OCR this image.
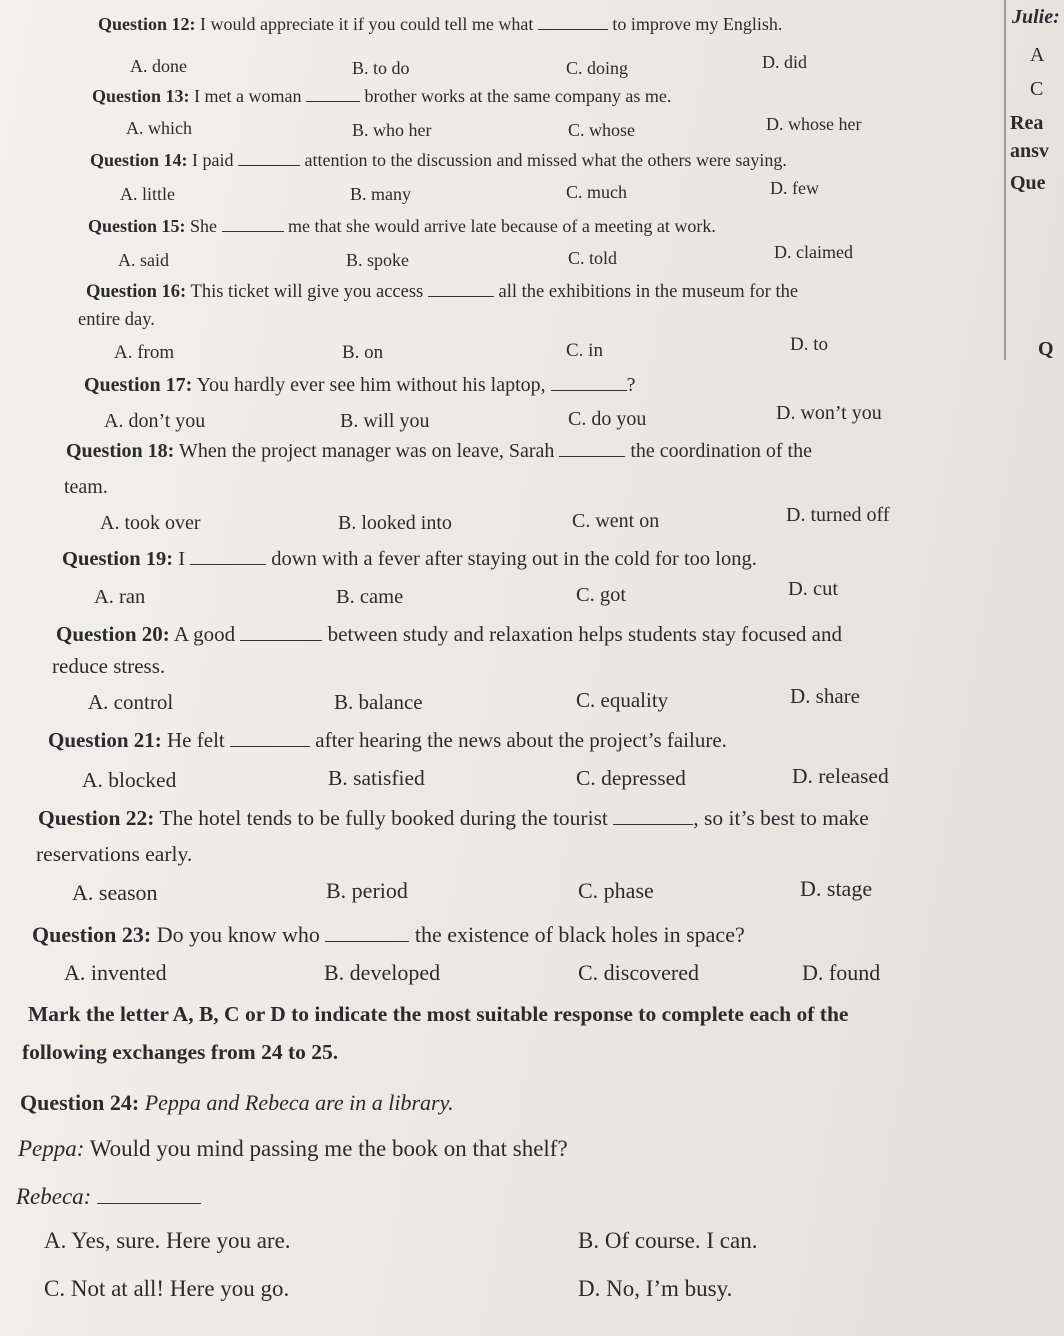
Julie:
A
C
Rea
ansv
Que
Q
Question 12: I would appreciate it if you could tell me what	to improve my English.
A. done	B. to do	C. doing	D. did
Question 13: I met a woman	brother works at the same company as me.
A. which	B. who her	C. whose	D. whose her
Question 14: I paid	attention to the discussion and missed what the others were saying.
A. little	B. many	C. much	D. few
Question 15: She	me that she would arrive late because of a meeting at work.
A. said	B. spoke	C. told	D. claimed
Question 16: This ticket will give you access	all the exhibitions in the museum for the
entire day.
A. from	B. on	C. in	D. to
Question 17: You hardly ever see him without his laptop,	?
A. don’t you	B. will you	C. do you	D. won’t you
Question 18: When the project manager was on leave, Sarah	the coordination of the
team.
A. took over	B. looked into	C. went on	D. turned off
Question 19: I	down with a fever after staying out in the cold for too long.
A. ran	B. came	C. got	D. cut
Question 20: A good	between study and relaxation helps students stay focused and
reduce stress.
A. control	B. balance	C. equality	D. share
Question 21: He felt	after hearing the news about the project’s failure.
A. blocked	B. satisfied	C. depressed	D. released
Question 22: The hotel tends to be fully booked during the tourist	, so it’s best to make
reservations early.
A. season	B. period	C. phase	D. stage
Question 23: Do you know who	the existence of black holes in space?
A. invented	B. developed	C. discovered	D. found
Mark the letter A, B, C or D to indicate the most suitable response to complete each of the
following exchanges from 24 to 25.
Question 24: Peppa and Rebeca are in a library.
Peppa: Would you mind passing me the book on that shelf?
Rebeca:
A. Yes, sure. Here you are.	B. Of course. I can.
C. Not at all! Here you go.	D. No, I’m busy.
